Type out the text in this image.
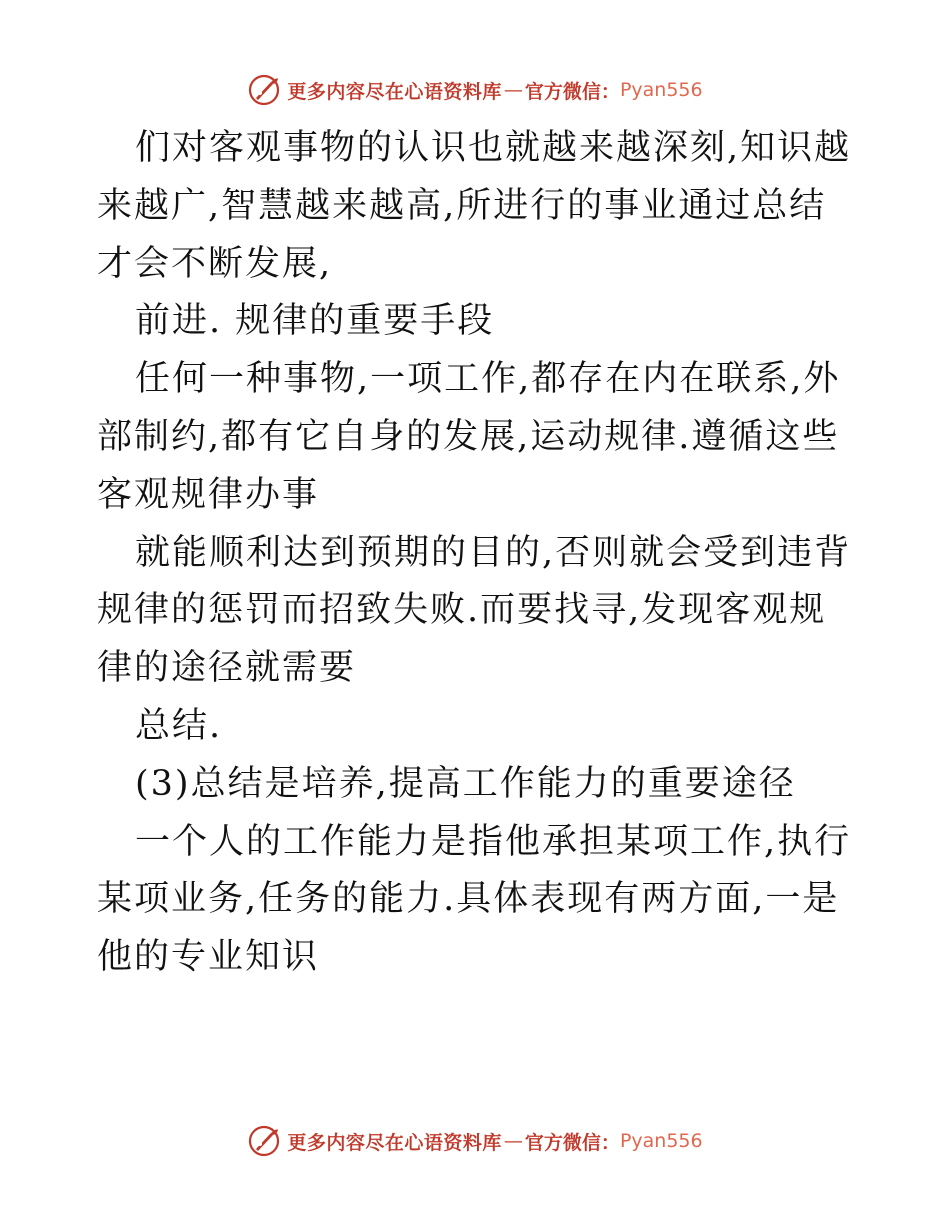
更多内容尽在心语资料库 — 官方微信： Pyan556

们对客观事物的认识也就越来越深刻,知识越来越广,智慧越来越高,所进行的事业通过总结才会不断发展,

前进. 规律的重要手段

任何一种事物,一项工作,都存在内在联系,外部制约,都有它自身的发展,运动规律.遵循这些客观规律办事

就能顺利达到预期的目的,否则就会受到违背规律的惩罚而招致失败.而要找寻,发现客观规律的途径就需要

总结.

(3)总结是培养,提高工作能力的重要途径

一个人的工作能力是指他承担某项工作,执行某项业务,任务的能力.具体表现有两方面,一是他的专业知识

更多内容尽在心语资料库 — 官方微信： Pyan556
